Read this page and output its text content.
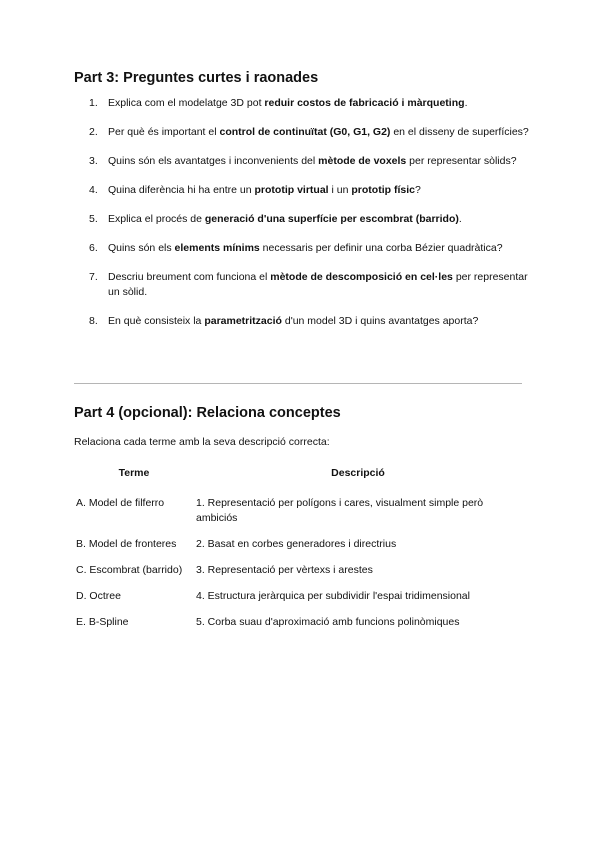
Part 3: Preguntes curtes i raonades
1. Explica com el modelatge 3D pot reduir costos de fabricació i màrqueting.
2. Per què és important el control de continuïtat (G0, G1, G2) en el disseny de superfícies?
3. Quins són els avantatges i inconvenients del mètode de voxels per representar sòlids?
4. Quina diferència hi ha entre un prototip virtual i un prototip físic?
5. Explica el procés de generació d'una superfície per escombrat (barrido).
6. Quins són els elements mínims necessaris per definir una corba Bézier quadràtica?
7. Descriu breument com funciona el mètode de descomposició en cel·les per representar un sòlid.
8. En què consisteix la parametrització d'un model 3D i quins avantatges aporta?
Part 4 (opcional): Relaciona conceptes

Relaciona cada terme amb la seva descripció correcta:

Terme	Descripció
A. Model de filferro	1. Representació per polígons i cares, visualment simple però ambiciós
B. Model de fronteres	2. Basat en corbes generadores i directrius
C. Escombrat (barrido)	3. Representació per vèrtexs i arestes
D. Octree	4. Estructura jeràrquica per subdividir l'espai tridimensional
E. B-Spline	5. Corba suau d'aproximació amb funcions polinòmiques
